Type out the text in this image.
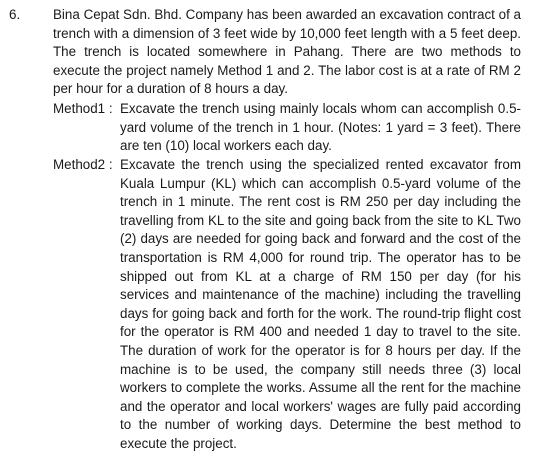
6. Bina Cepat Sdn. Bhd. Company has been awarded an excavation contract of a trench with a dimension of 3 feet wide by 10,000 feet length with a 5 feet deep. The trench is located somewhere in Pahang. There are two methods to execute the project namely Method 1 and 2. The labor cost is at a rate of RM 2 per hour for a duration of 8 hours a day.
Method1 : Excavate the trench using mainly locals whom can accomplish 0.5-yard volume of the trench in 1 hour. (Notes: 1 yard = 3 feet). There are ten (10) local workers each day.
Method2 : Excavate the trench using the specialized rented excavator from Kuala Lumpur (KL) which can accomplish 0.5-yard volume of the trench in 1 minute. The rent cost is RM 250 per day including the travelling from KL to the site and going back from the site to KL Two (2) days are needed for going back and forward and the cost of the transportation is RM 4,000 for round trip. The operator has to be shipped out from KL at a charge of RM 150 per day (for his services and maintenance of the machine) including the travelling days for going back and forth for the work. The round-trip flight cost for the operator is RM 400 and needed 1 day to travel to the site. The duration of work for the operator is for 8 hours per day. If the machine is to be used, the company still needs three (3) local workers to complete the works. Assume all the rent for the machine and the operator and local workers' wages are fully paid according to the number of working days. Determine the best method to execute the project.
